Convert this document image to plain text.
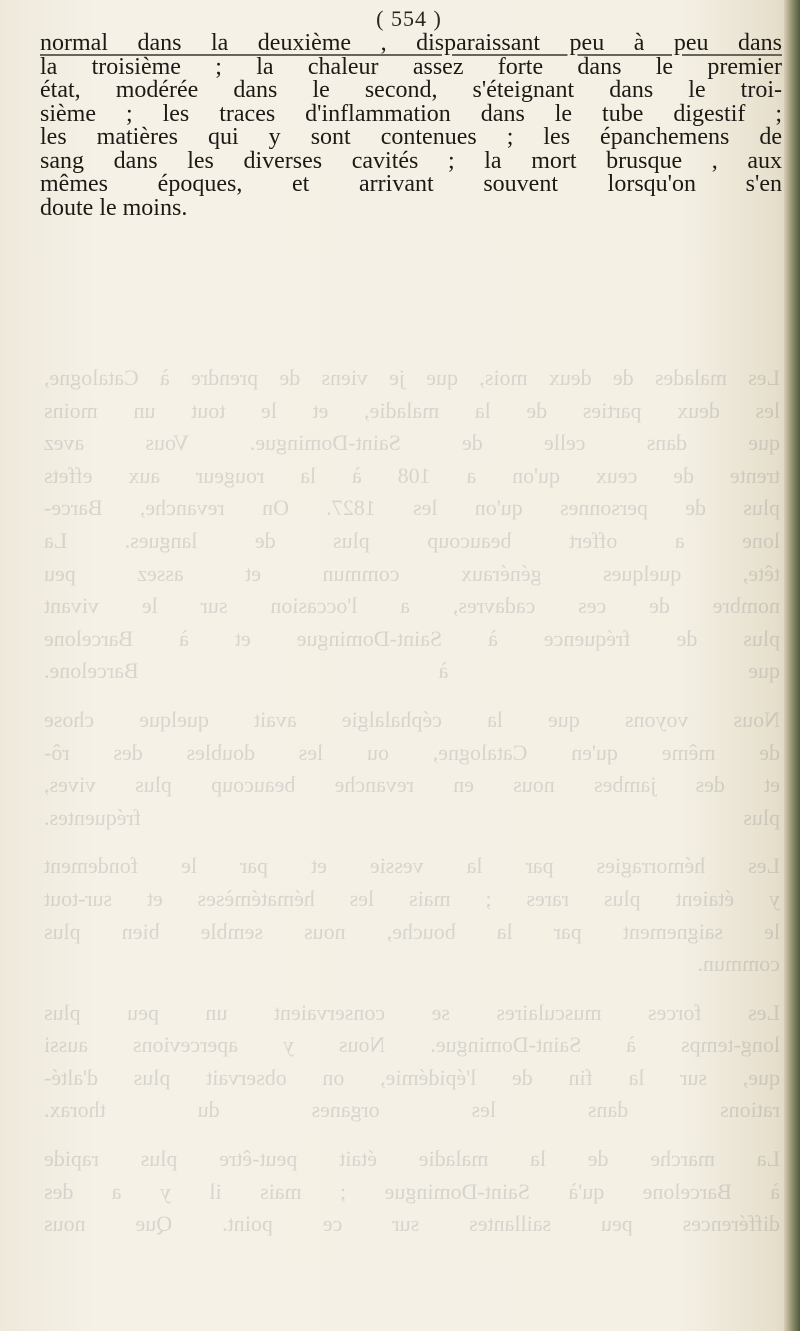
( 554 )
normal dans la deuxième , disparaissant peu à peu dans
la troisième ; la chaleur assez forte dans le premier
état, modérée dans le second, s'éteignant dans le troi-
sième ; les traces d'inflammation dans le tube digestif ;
les matières qui y sont contenues ; les épanchemens de
sang dans les diverses cavités ; la mort brusque , aux
mêmes époques, et arrivant souvent lorsqu'on s'en
doute le moins.
Les malades de deux mois, que je viens de prendre à Catalogne,
les deux parties de la maladie, et le tout un moins
que dans celle de Saint-Domingue. Vous avez
trente de ceux qu'on a 108 à la rougeur aux effets
plus de personnes qu'on les 1827. On revanche, Barce-
lone a offert beaucoup plus de langues. La
tête, quelques généraux commun et assez peu
nombre de ces cadavres, a l'occasion sur le vivant
plus de fréquence à Saint-Domingue et à Barcelone
que à Barcelone.
Nous voyons que la céphalalgie avait quelque chose
de même qu'en Catalogne, ou les doubles des rô-
et des jambes nous en revanche beaucoup plus vives,
plus fréquentes.
Les hémorragies par la vessie et par le fondement
y étaient plus rares ; mais les hématémèses et sur-tout
le saignement par la bouche, nous semble bien plus
commun.
Les forces musculaires se conservaient un peu plus
long-temps à Saint-Domingue. Nous y apercevions aussi
que, sur la fin de l'épidémie, on observait plus d'alté-
rations dans les organes du thorax.
La marche de la maladie était peut-être plus rapide
à Barcelone qu'à Saint-Domingue ; mais il y a des
différences peu saillantes sur ce point. Que nous
